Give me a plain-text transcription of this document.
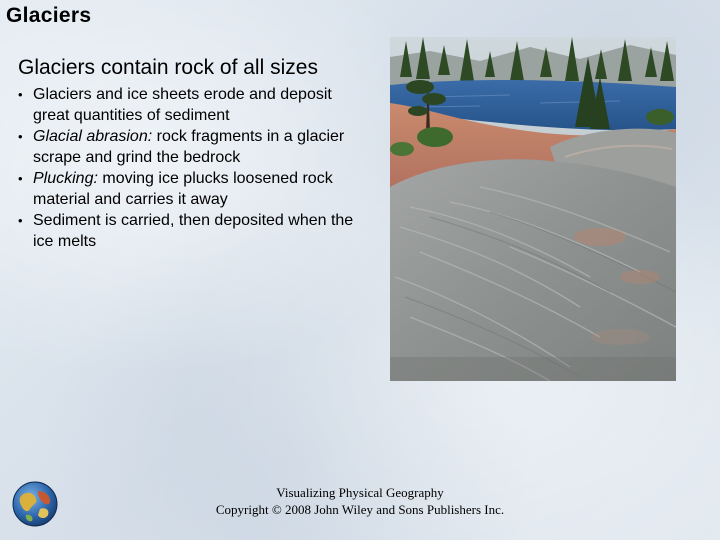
Glaciers
Glaciers contain rock of all sizes
• Glaciers and ice sheets erode and deposit great quantities of sediment
• Glacial abrasion: rock fragments in a glacier scrape and grind the bedrock
• Plucking: moving ice plucks loosened rock material and carries it away
• Sediment is carried, then deposited when the ice melts
Visualizing Physical Geography
Copyright © 2008 John Wiley and Sons Publishers Inc.
